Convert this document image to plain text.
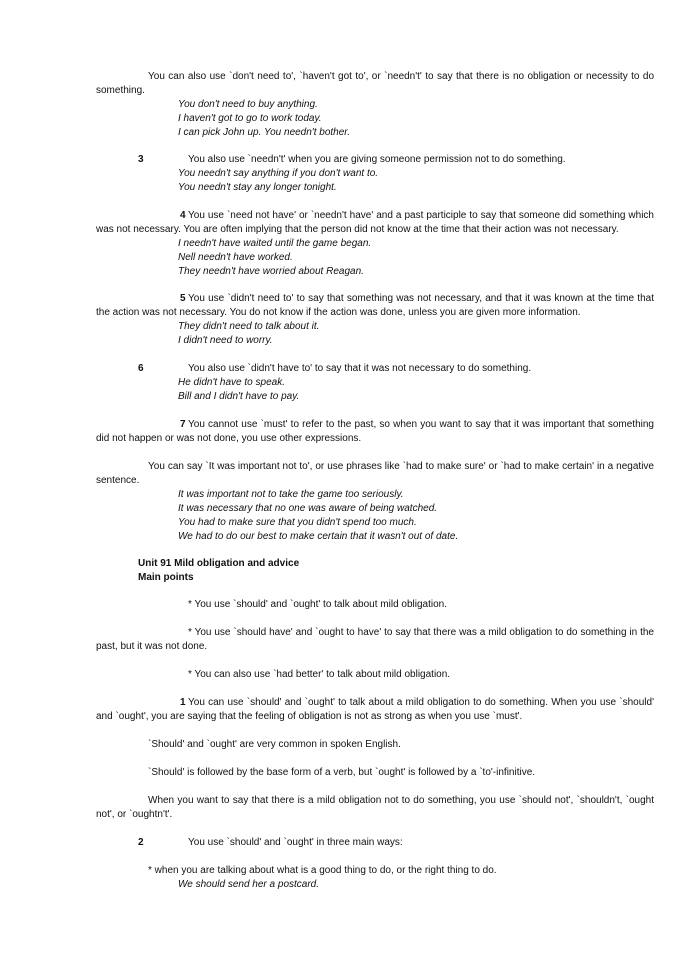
You can also use `don't need to', `haven't got to', or `needn't' to say that there is no obligation or necessity to do something.

You don't need to buy anything.
I haven't got to go to work today.
I can pick John up. You needn't bother.

3	You also use `needn't' when you are giving someone permission not to do something.

You needn't say anything if you don't want to.
You needn't stay any longer tonight.

4 You use `need not have' or `needn't have' and a past participle to say that someone did something which was not necessary. You are often implying that the person did not know at the time that their action was not necessary.

I needn't have waited until the game began.
Nell needn't have worked.
They needn't have worried about Reagan.

5 You use `didn't need to' to say that something was not necessary, and that it was known at the time that the action was not necessary. You do not know if the action was done, unless you are given more information.

They didn't need to talk about it.
I didn't need to worry.

6	You also use `didn't have to' to say that it was not necessary to do something.

He didn't have to speak.
Bill and I didn't have to pay.

7 You cannot use `must' to refer to the past, so when you want to say that it was important that something did not happen or was not done, you use other expressions.

You can say `It was important not to', or use phrases like `had to make sure' or `had to make certain' in a negative sentence.

It was important not to take the game too seriously.
It was necessary that no one was aware of being watched.
You had to make sure that you didn't spend too much.
We had to do our best to make certain that it wasn't out of date.
Unit 91 Mild obligation and advice
Main points

* You use `should' and `ought' to talk about mild obligation.

* You use `should have' and `ought to have' to say that there was a mild obligation to do something in the past, but it was not done.

* You can also use `had better' to talk about mild obligation.

1 You can use `should' and `ought' to talk about a mild obligation to do something. When you use `should' and `ought', you are saying that the feeling of obligation is not as strong as when you use `must'.

`Should' and `ought' are very common in spoken English.

`Should' is followed by the base form of a verb, but `ought' is followed by a `to'-infinitive.

When you want to say that there is a mild obligation not to do something, you use `should not', `shouldn't, `ought not', or `oughtn't'.

2	You use `should' and `ought' in three main ways:

* when you are talking about what is a good thing to do, or the right thing to do.

We should send her a postcard.
